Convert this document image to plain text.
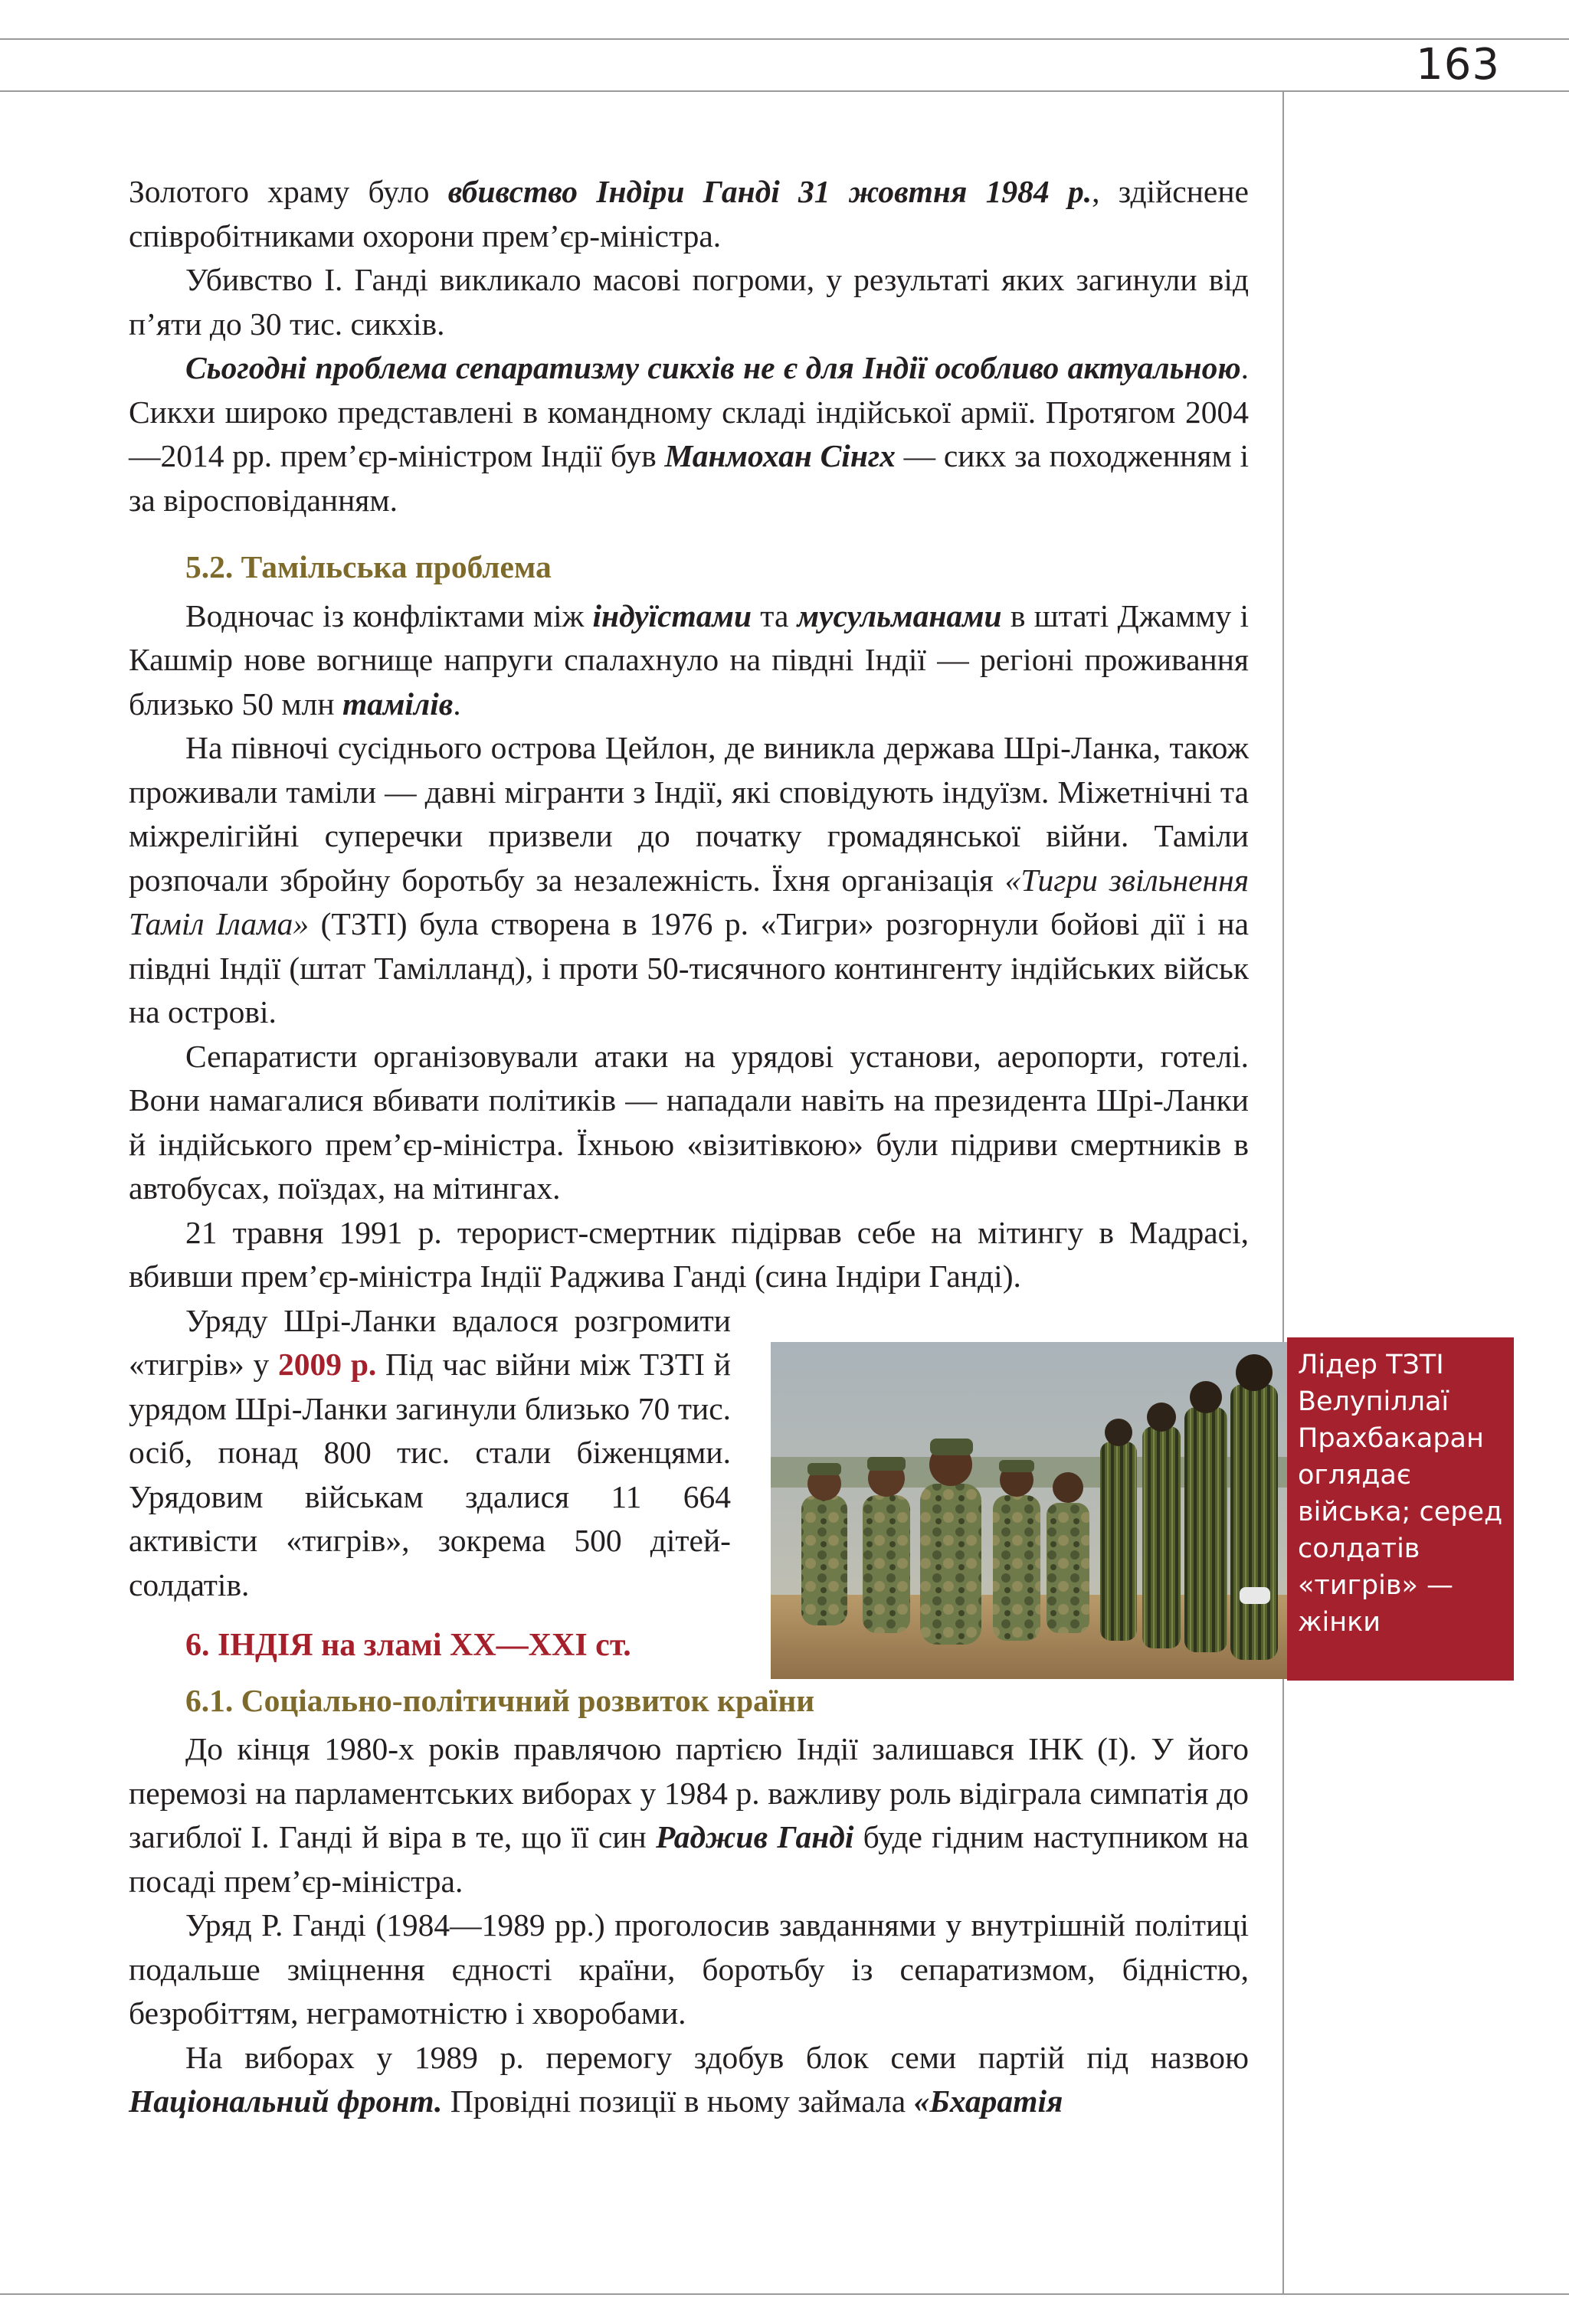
163

Золотого храму було вбивство Індіри Ганді 31 жовтня 1984 р., здійснене співробітниками охорони прем’єр-міністра.

Убивство І. Ганді викликало масові погроми, у результаті яких загинули від п’яти до 30 тис. сикхів.

Сьогодні проблема сепаратизму сикхів не є для Індії особливо актуальною. Сикхи широко представлені в командному складі індійської армії. Протягом 2004—2014 рр. прем’єр-міністром Індії був Манмохан Сінгх — сикх за походженням і за віросповіданням.

5.2. Тамільська проблема

Водночас із конфліктами між індуїстами та мусульманами в штаті Джамму і Кашмір нове вогнище напруги спалахнуло на півдні Індії — регіоні проживання близько 50 млн тамілів.

На півночі сусіднього острова Цейлон, де виникла держава Шрі-Ланка, також проживали таміли — давні мігранти з Індії, які сповідують індуїзм. Міжетнічні та міжрелігійні суперечки призвели до початку громадянської війни. Таміли розпочали збройну боротьбу за незалежність. Їхня організація «Тигри звільнення Таміл Ілама» (ТЗТІ) була створена в 1976 р. «Тигри» розгорнули бойові дії і на півдні Індії (штат Тамілланд), і проти 50-тисячного контингенту індійських військ на острові.

Сепаратисти організовували атаки на урядові установи, аеропорти, готелі. Вони намагалися вбивати політиків — нападали навіть на президента Шрі-Ланки й індійського прем’єр-міністра. Їхньою «візитівкою» були підриви смертників в автобусах, поїздах, на мітингах.

21 травня 1991 р. терорист-смертник підірвав себе на мітингу в Мадрасі, вбивши прем’єр-міністра Індії Раджива Ганді (сина Індіри Ганді).

Уряду Шрі-Ланки вдалося розгромити «тигрів» у 2009 р. Під час війни між ТЗТІ й урядом Шрі-Ланки загинули близько 70 тис. осіб, понад 800 тис. стали біженцями. Урядовим військам здалися 11 664 активісти «тигрів», зокрема 500 дітей-солдатів.

6. ІНДІЯ на зламі ХХ—ХХІ ст.
6.1. Соціально-політичний розвиток країни

До кінця 1980-х років правлячою партією Індії залишався ІНК (І). У його перемозі на парламентських виборах у 1984 р. важливу роль відіграла симпатія до загиблої І. Ганді й віра в те, що її син Раджив Ганді буде гідним наступником на посаді прем’єр-міністра.

Уряд Р. Ганді (1984—1989 рр.) проголосив завданнями у внутрішній політиці подальше зміцнення єдності країни, боротьбу із сепаратизмом, бідністю, безробіттям, неграмотністю і хворобами.

На виборах у 1989 р. перемогу здобув блок семи партій під назвою Національний фронт. Провідні позиції в ньому займала «Бхаратія

Лідер ТЗТІ Велупіллаї Прахбакаран оглядає війська; серед солдатів «тигрів» — жінки
